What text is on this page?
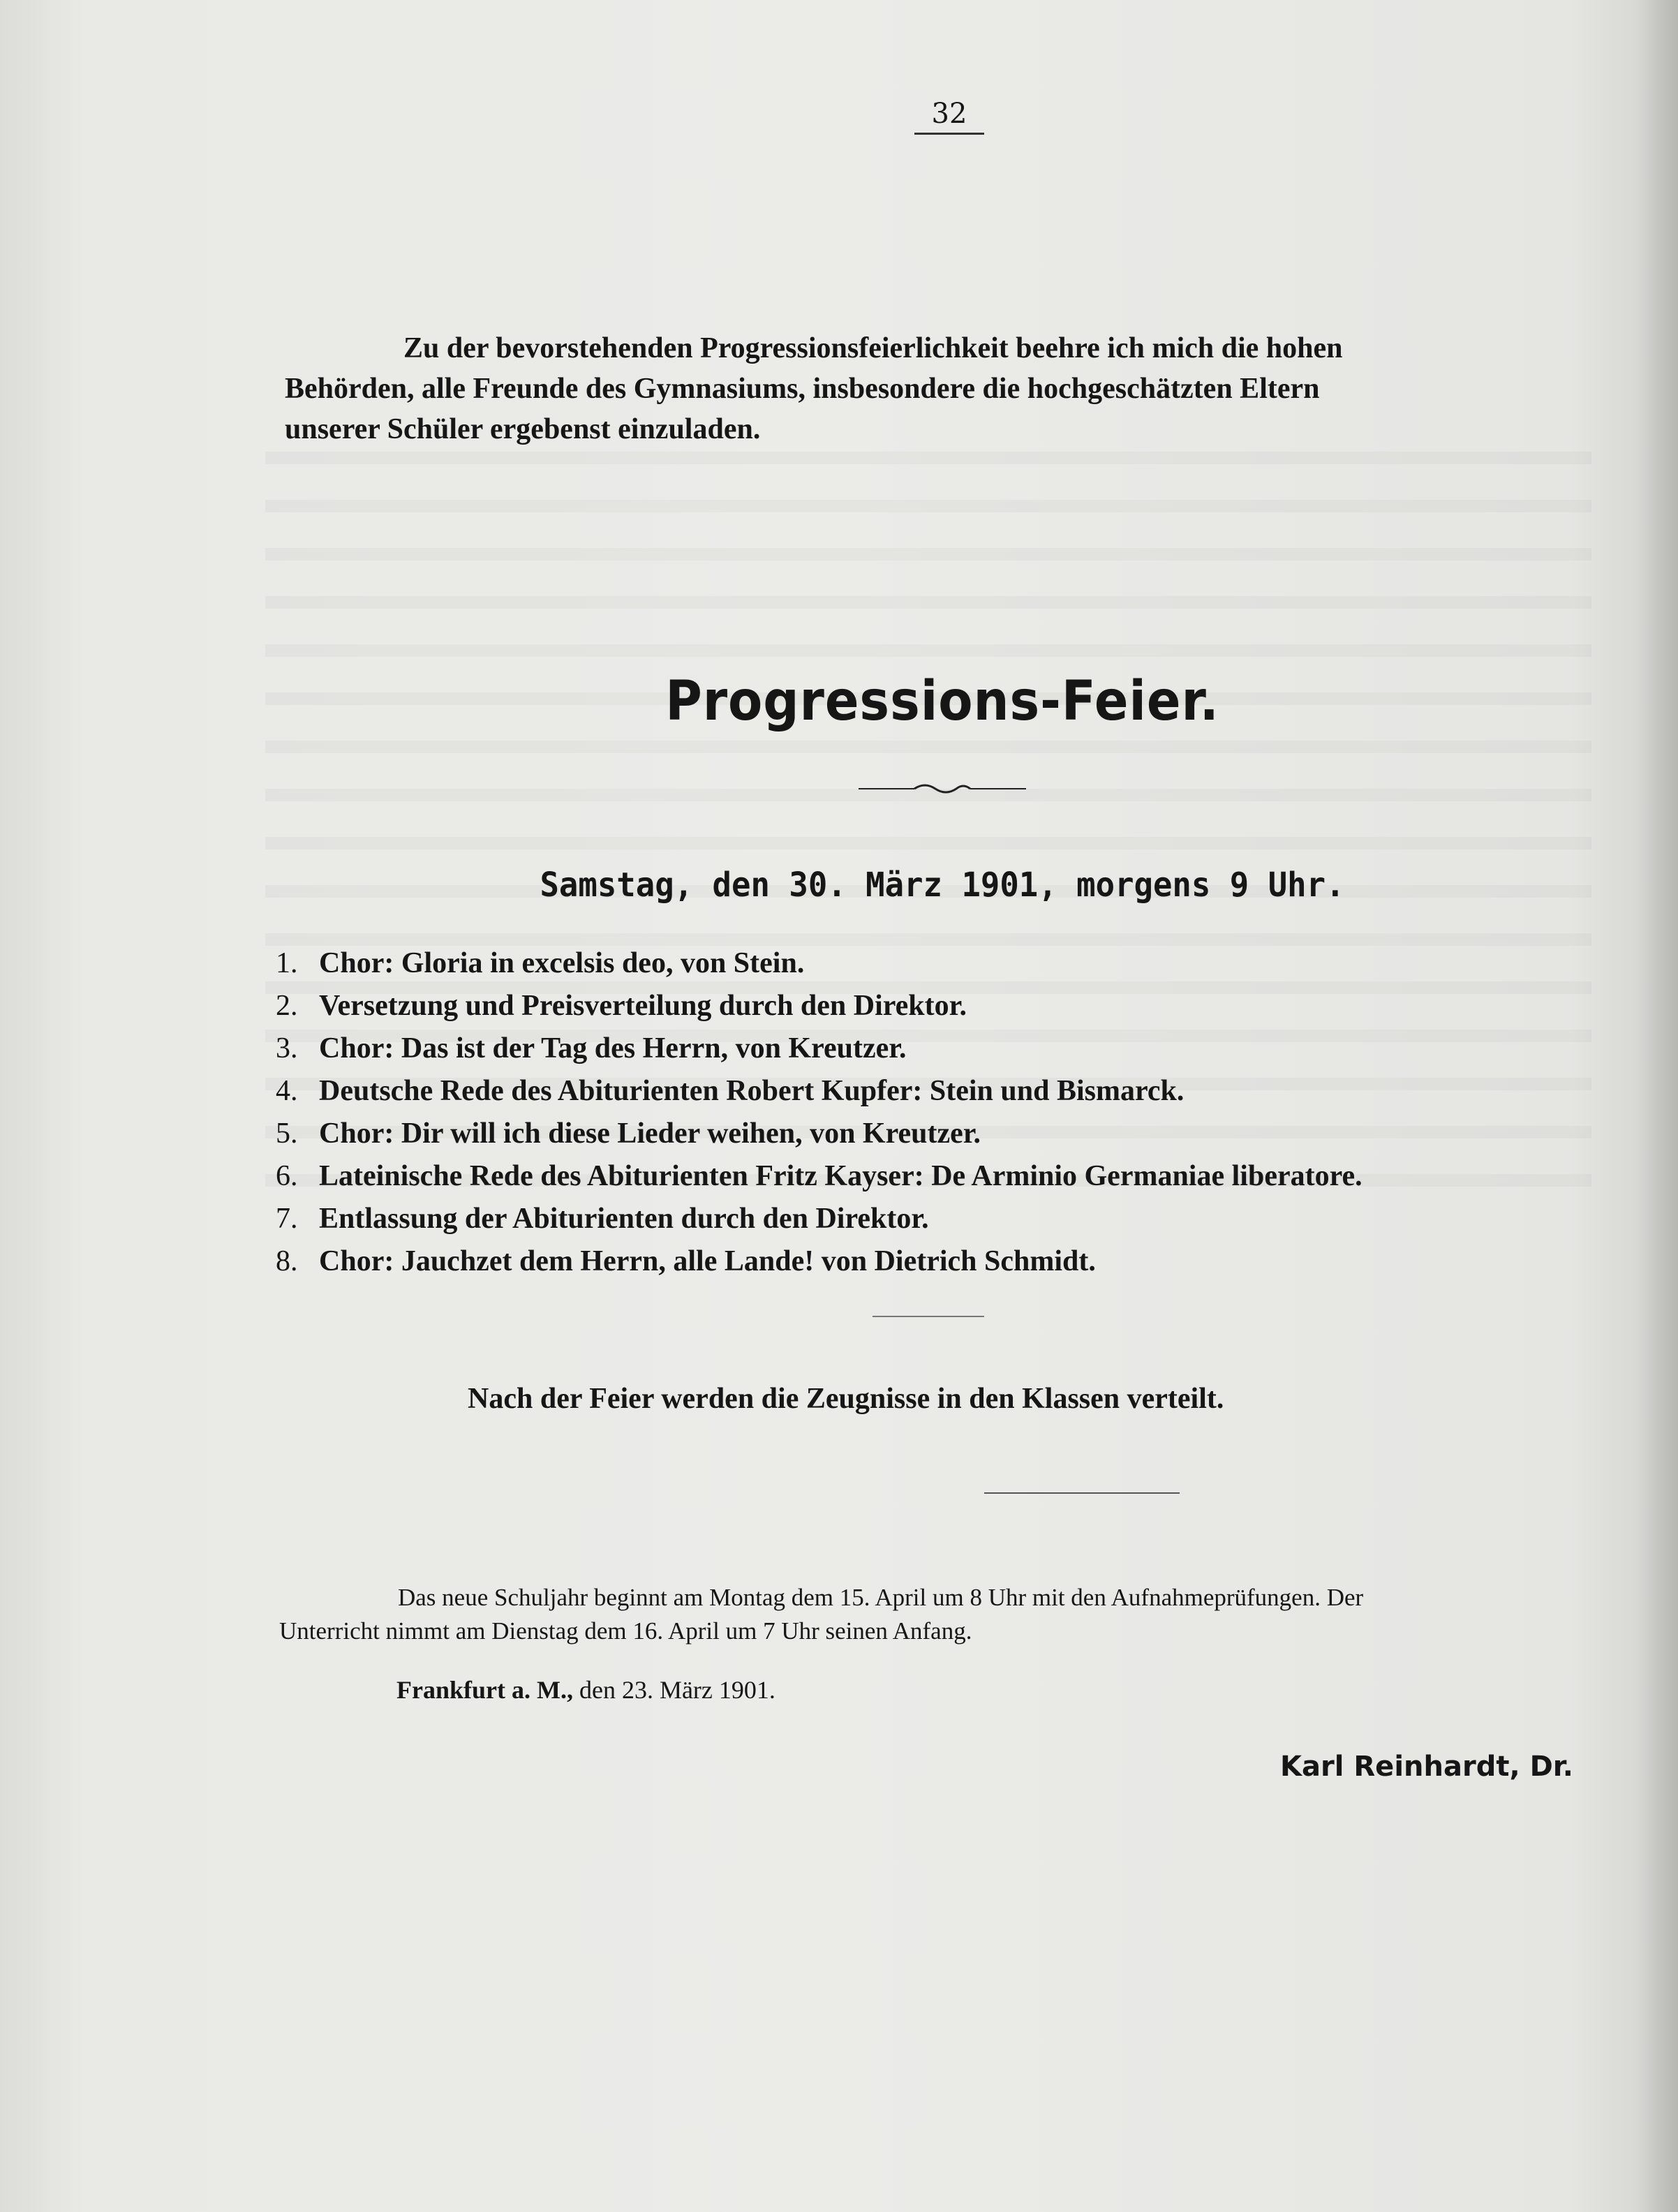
32
Zu der bevorstehenden Progressionsfeierlichkeit beehre ich mich die hohen
Behörden, alle Freunde des Gymnasiums, insbesondere die hochgeschätzten Eltern
unserer Schüler ergebenst einzuladen.
Progressions-Feier.
Samstag, den 30. März 1901, morgens 9 Uhr.
1. Chor: Gloria in excelsis deo, von Stein.
2. Versetzung und Preisverteilung durch den Direktor.
3. Chor: Das ist der Tag des Herrn, von Kreutzer.
4. Deutsche Rede des Abiturienten Robert Kupfer: Stein und Bismarck.
5. Chor: Dir will ich diese Lieder weihen, von Kreutzer.
6. Lateinische Rede des Abiturienten Fritz Kayser: De Arminio Germaniae liberatore.
7. Entlassung der Abiturienten durch den Direktor.
8. Chor: Jauchzet dem Herrn, alle Lande! von Dietrich Schmidt.
Nach der Feier werden die Zeugnisse in den Klassen verteilt.
Das neue Schuljahr beginnt am Montag dem 15. April um 8 Uhr mit den Aufnahmeprüfungen. Der
Unterricht nimmt am Dienstag dem 16. April um 7 Uhr seinen Anfang.
Frankfurt a. M., den 23. März 1901.
Karl Reinhardt, Dr.
